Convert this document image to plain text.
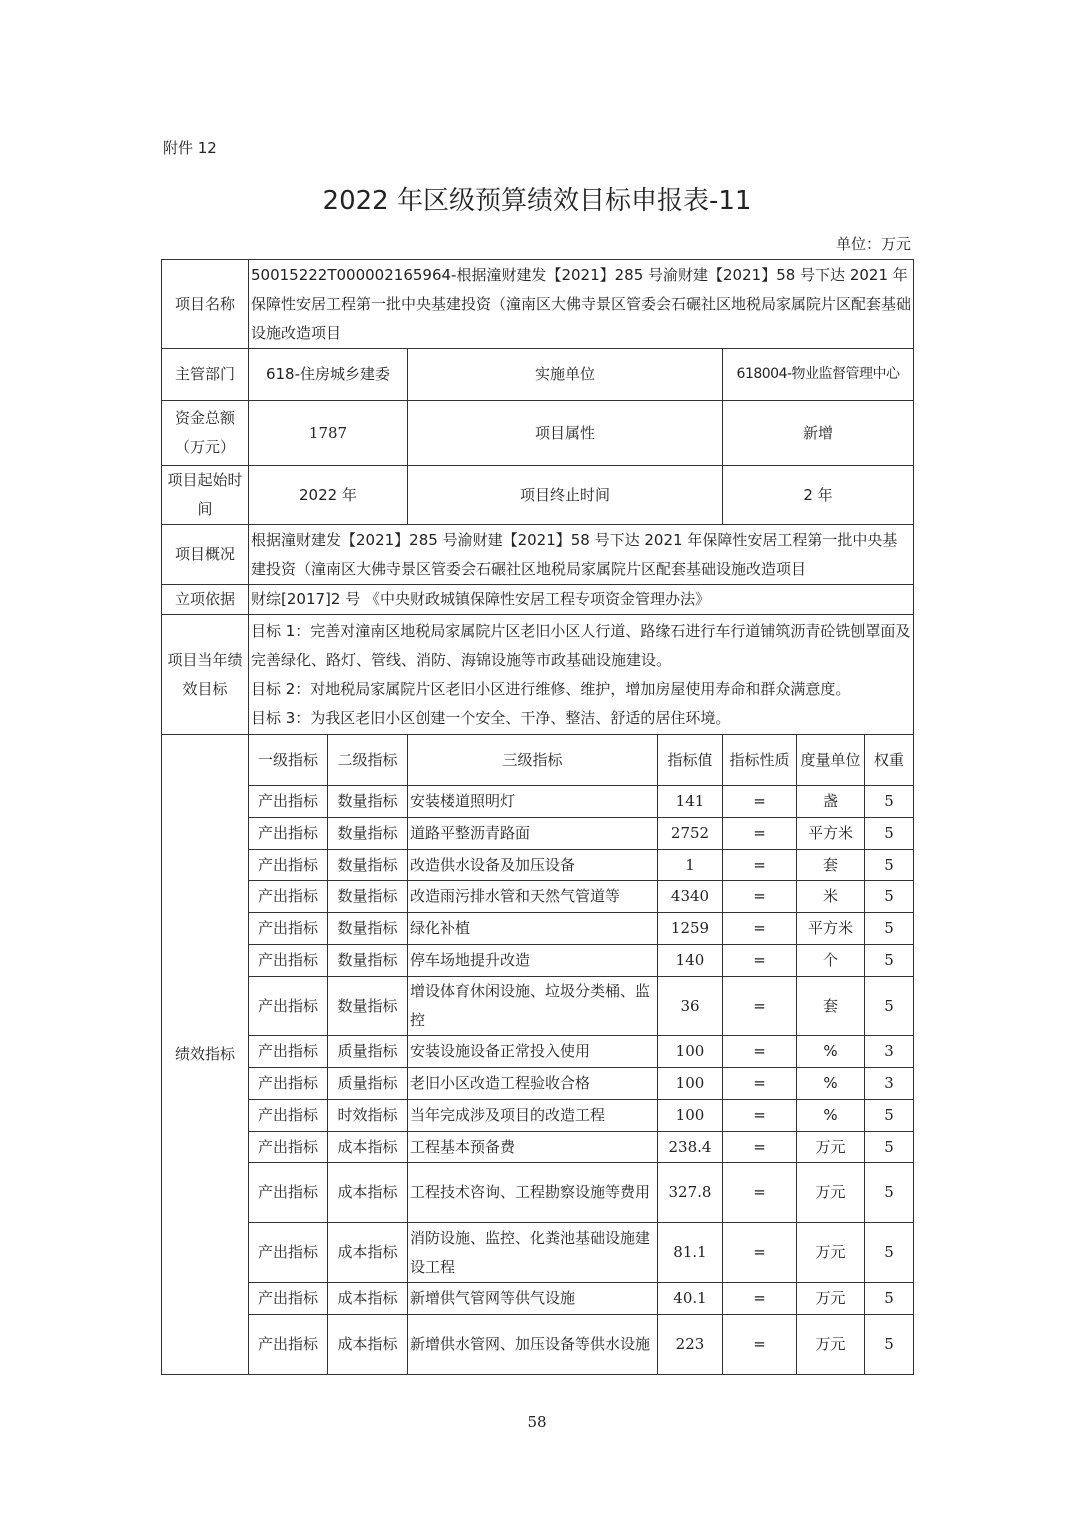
附件 12
2022 年区级预算绩效目标申报表-11
单位：万元
项目名称	50015222T000002165964-根据潼财建发【2021】285 号渝财建【2021】58 号下达 2021 年保障性安居工程第一批中央基建投资（潼南区大佛寺景区管委会石碾社区地税局家属院片区配套基础设施改造项目						
主管部门	618-住房城乡建委		实施单位		618004-物业监督管理中心		
资金总额（万元）	1787		项目属性		新增		
项目起始时间	2022 年		项目终止时间		2 年		
项目概况	根据潼财建发【2021】285 号渝财建【2021】58 号下达 2021 年保障性安居工程第一批中央基建投资（潼南区大佛寺景区管委会石碾社区地税局家属院片区配套基础设施改造项目						
立项依据	财综[2017]2 号 《中央财政城镇保障性安居工程专项资金管理办法》						
项目当年绩效目标	目标 1：完善对潼南区地税局家属院片区老旧小区人行道、路缘石进行车行道铺筑沥青砼铣刨罩面及完善绿化、路灯、管线、消防、海锦设施等市政基础设施建设。
目标 2：对地税局家属院片区老旧小区进行维修、维护，增加房屋使用寿命和群众满意度。
目标 3：为我区老旧小区创建一个安全、干净、整洁、舒适的居住环境。						

绩效指标	一级指标	二级指标	三级指标	指标值	指标性质	度量单位	权重
	产出指标	数量指标	安装楼道照明灯	141	=	盏	5
	产出指标	数量指标	道路平整沥青路面	2752	=	平方米	5
	产出指标	数量指标	改造供水设备及加压设备	1	=	套	5
	产出指标	数量指标	改造雨污排水管和天然气管道等	4340	=	米	5
	产出指标	数量指标	绿化补植	1259	=	平方米	5
	产出指标	数量指标	停车场地提升改造	140	=	个	5
	产出指标	数量指标	增设体育休闲设施、垃圾分类桶、监控	36	=	套	5
	产出指标	质量指标	安装设施设备正常投入使用	100	=	%	3
	产出指标	质量指标	老旧小区改造工程验收合格	100	=	%	3
	产出指标	时效指标	当年完成涉及项目的改造工程	100	=	%	5
	产出指标	成本指标	工程基本预备费	238.4	=	万元	5
	产出指标	成本指标	工程技术咨询、工程勘察设施等费用	327.8	=	万元	5
	产出指标	成本指标	消防设施、监控、化粪池基础设施建设工程	81.1	=	万元	5
	产出指标	成本指标	新增供气管网等供气设施	40.1	=	万元	5
	产出指标	成本指标	新增供水管网、加压设备等供水设施	223	=	万元	5
58
